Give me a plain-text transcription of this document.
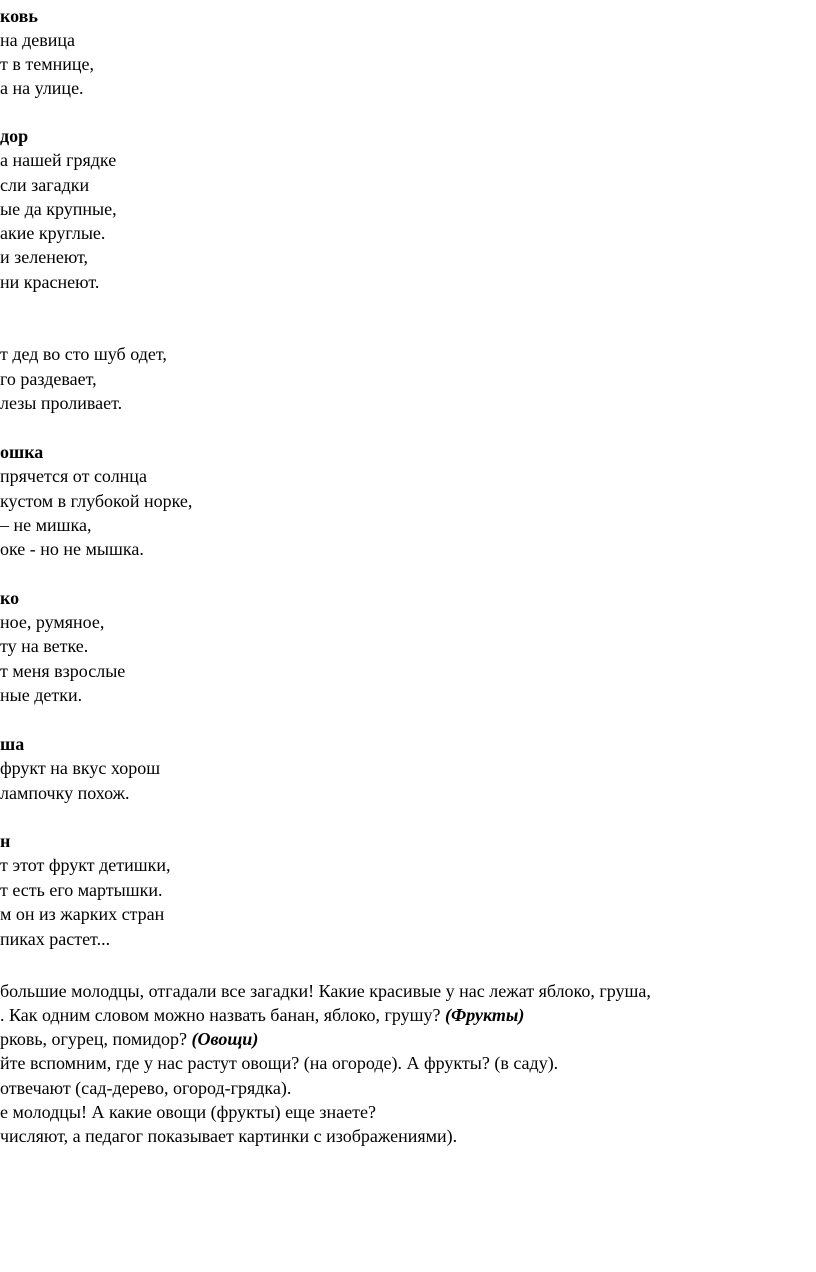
ковь
на девица
т в темнице,
а на улице.
дор
а нашей грядке
сли загадки
ые да крупные,
акие круглые.
и зеленеют,
ни краснеют.
т дед во сто шуб одет,
го раздевает,
лезы проливает.
ошка
прячется от солнца
кустом в глубокой норке,
– не мишка,
оке - но не мышка.
ко
ное, румяное,
ту на ветке.
т меня взрослые
ные детки.
ша
фрукт на вкус хорош
лампочку похож.
н
т этот фрукт детишки,
т есть его мартышки.
м он из жарких стран
пиках растет...
большие молодцы, отгадали все загадки! Какие красивые у нас лежат яблоко, груша,
. Как одним словом можно назвать банан, яблоко, грушу? (Фрукты)
рковь, огурец, помидор? (Овощи)
йте вспомним, где у нас растут овощи? (на огороде). А фрукты? (в саду).
отвечают (сад-дерево, огород-грядка).
е молодцы! А какие овощи (фрукты) еще знаете?
числяют, а педагог показывает картинки с изображениями).
